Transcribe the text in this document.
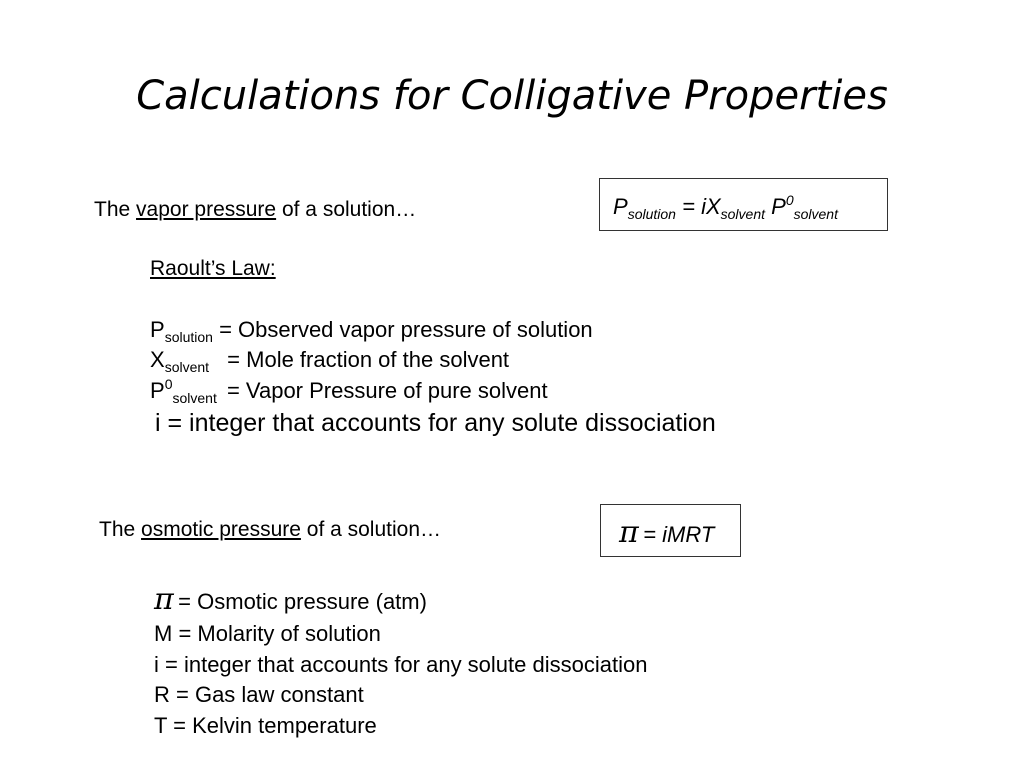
Calculations for Colligative Properties
The vapor pressure of a solution…	$P_{solution} = iX_{solvent}$ $P^0_{solvent}$
Raoult’s Law:
$P_{solution}$ = Observed vapor pressure of solution
$X_{solvent}$ = Mole fraction of the solvent
$P^0_{solvent}$ = Vapor Pressure of pure solvent
i = integer that accounts for any solute dissociation
The osmotic pressure of a solution…	π = iMRT
π = Osmotic pressure (atm)
M = Molarity of solution
i = integer that accounts for any solute dissociation
R = Gas law constant
T = Kelvin temperature
